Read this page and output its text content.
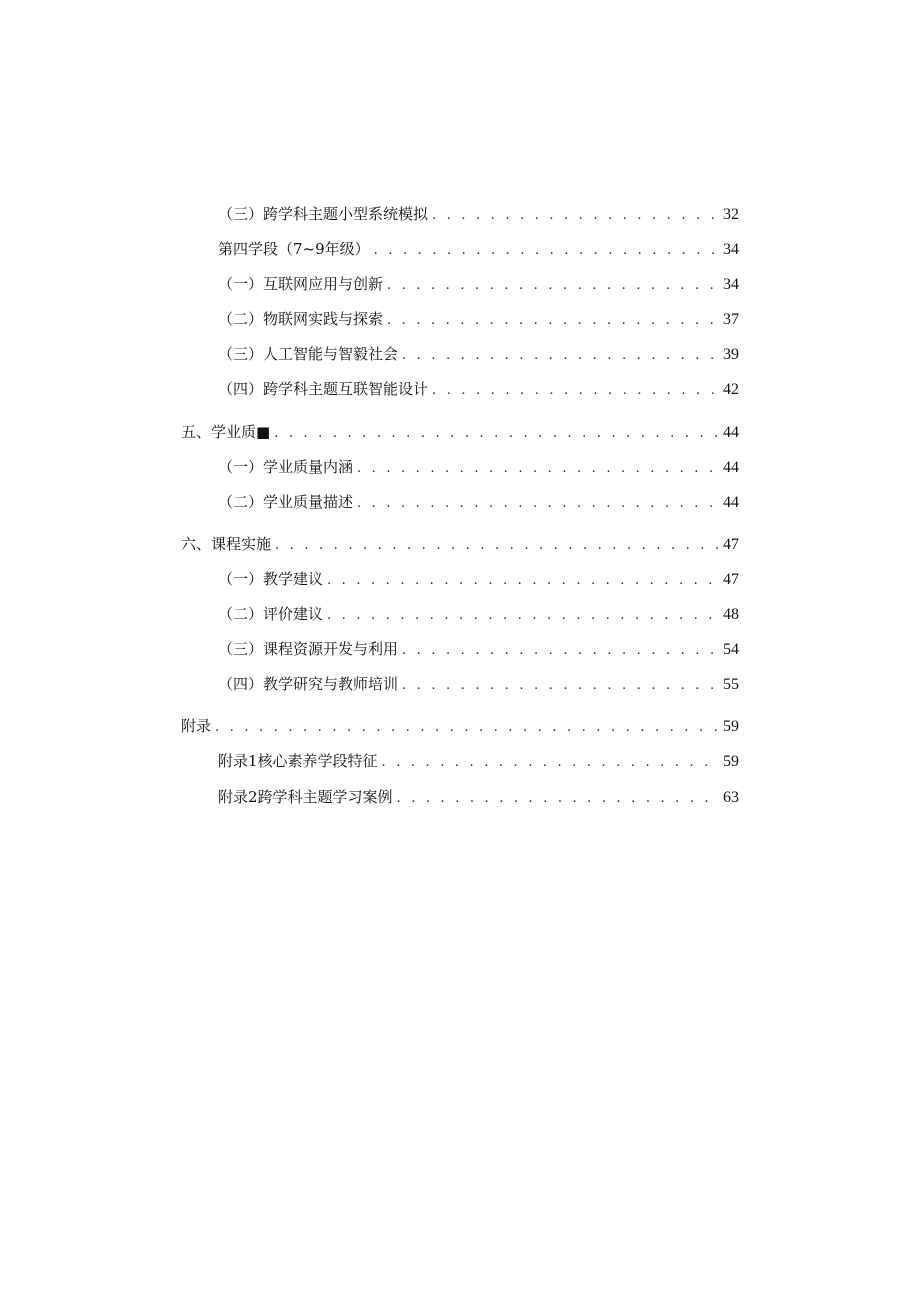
（三）跨学科主题小型系统模拟 . . .	32
第四学段（7~9年级） . . .	34
（一）互联网应用与创新 . . .	34
（二）物联网实践与探索 . . .	37
（三）人工智能与智毅社会 . . .	39
（四）跨学科主题互联智能设计 . . .	42
五、学业质■ . . .	44
（一）学业质量内涵 . . .	44
（二）学业质量描述 . . .	44
六、课程实施 . . .	47
（一）教学建议 . . .	47
（二）评价建议 . . .	48
（三）课程资源开发与利用 . . .	54
（四）教学研究与教师培训 . . .	55
附录 . . .	59
附录1核心素养学段特征 . . .	59
附录2跨学科主题学习案例 . . .	63
